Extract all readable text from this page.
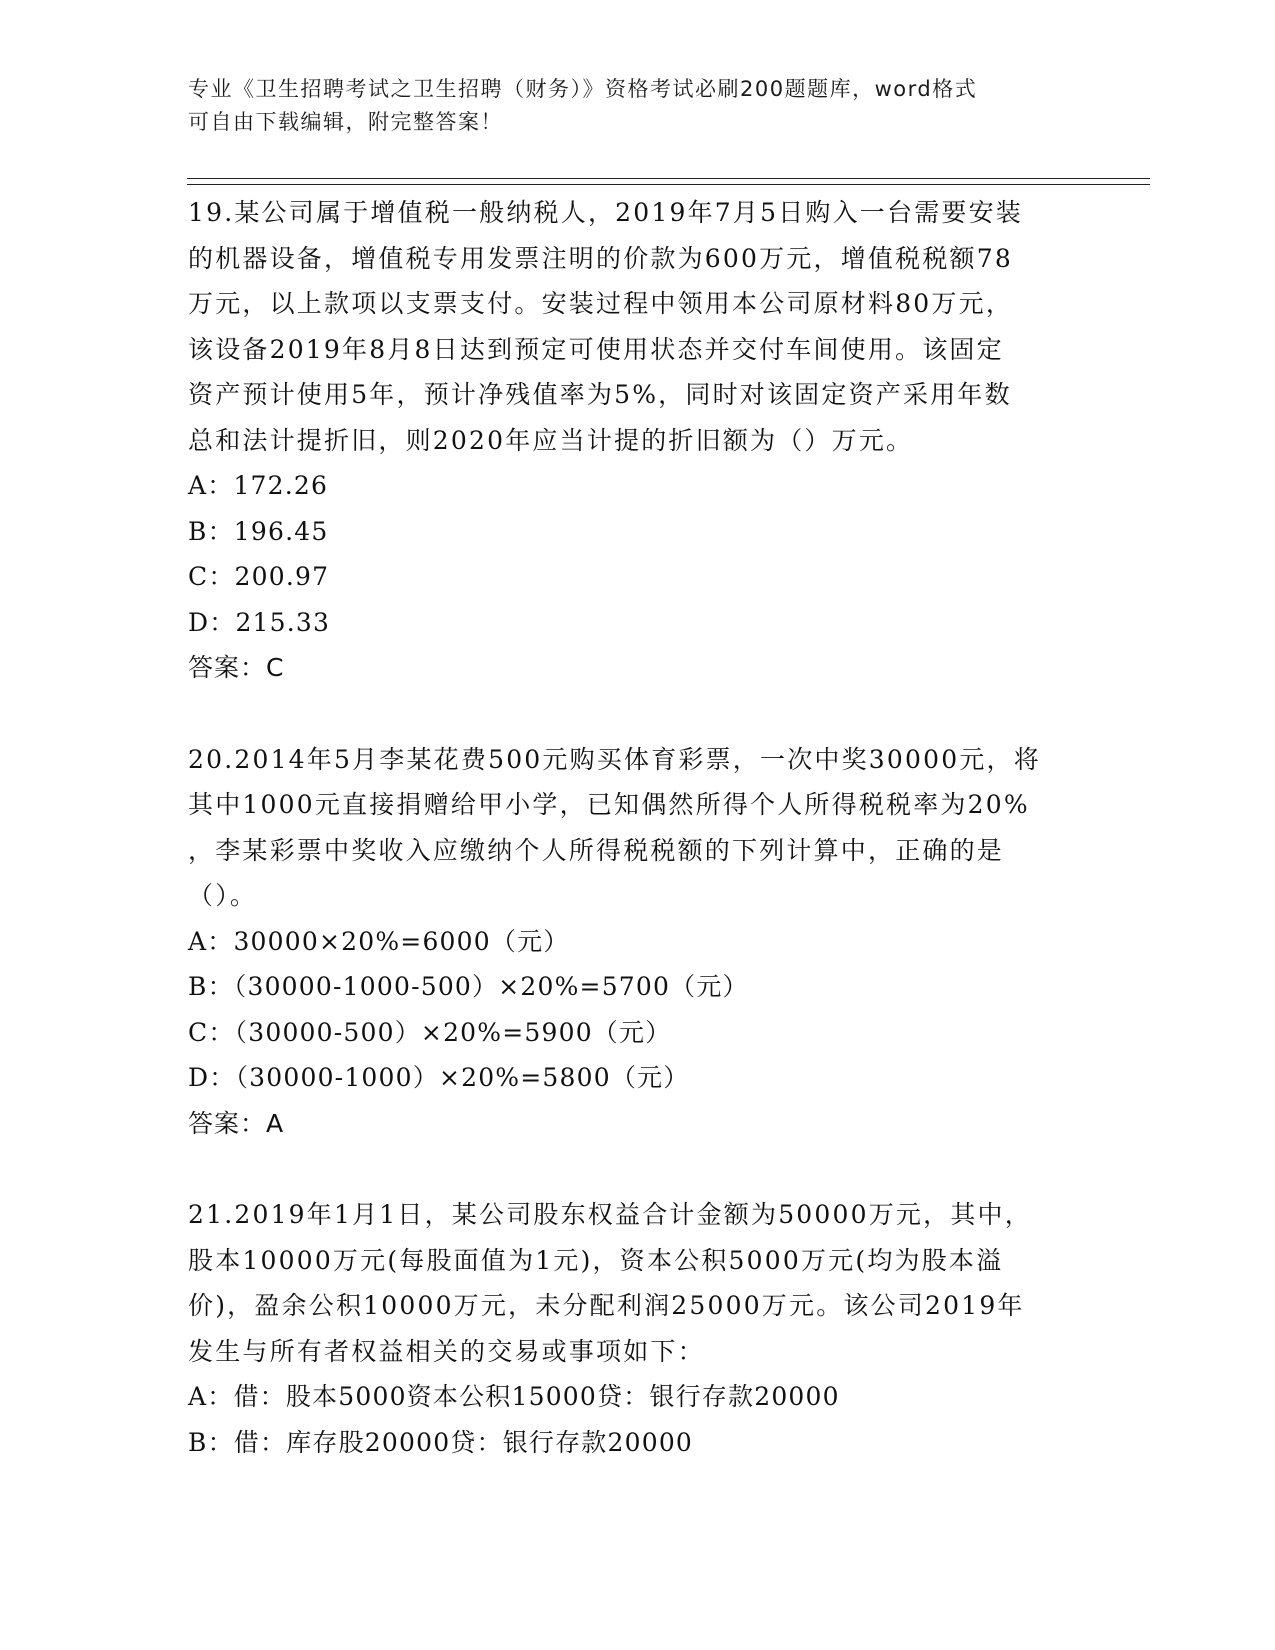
专业《卫生招聘考试之卫生招聘（财务）》资格考试必刷200题题库，word格式
可自由下载编辑，附完整答案！

19.某公司属于增值税一般纳税人，2019年7月5日购入一台需要安装
的机器设备，增值税专用发票注明的价款为600万元，增值税税额78
万元，以上款项以支票支付。安装过程中领用本公司原材料80万元，
该设备2019年8月8日达到预定可使用状态并交付车间使用。该固定
资产预计使用5年，预计净残值率为5%，同时对该固定资产采用年数
总和法计提折旧，则2020年应当计提的折旧额为（）万元。

A：172.26

B：196.45

C：200.97

D：215.33

答案：C

20.2014年5月李某花费500元购买体育彩票，一次中奖30000元，将
其中1000元直接捐赠给甲小学，已知偶然所得个人所得税税率为20%
，李某彩票中奖收入应缴纳个人所得税税额的下列计算中，正确的是
（）。

A：30000×20%=6000（元）

B：（30000-1000-500）×20%=5700（元）

C：（30000-500）×20%=5900（元）

D：（30000-1000）×20%=5800（元）

答案：A

21.2019年1月1日，某公司股东权益合计金额为50000万元，其中，
股本10000万元(每股面值为1元)，资本公积5000万元(均为股本溢
价)，盈余公积10000万元，未分配利润25000万元。该公司2019年
发生与所有者权益相关的交易或事项如下：

A：借：股本5000资本公积15000贷：银行存款20000

B：借：库存股20000贷：银行存款20000
